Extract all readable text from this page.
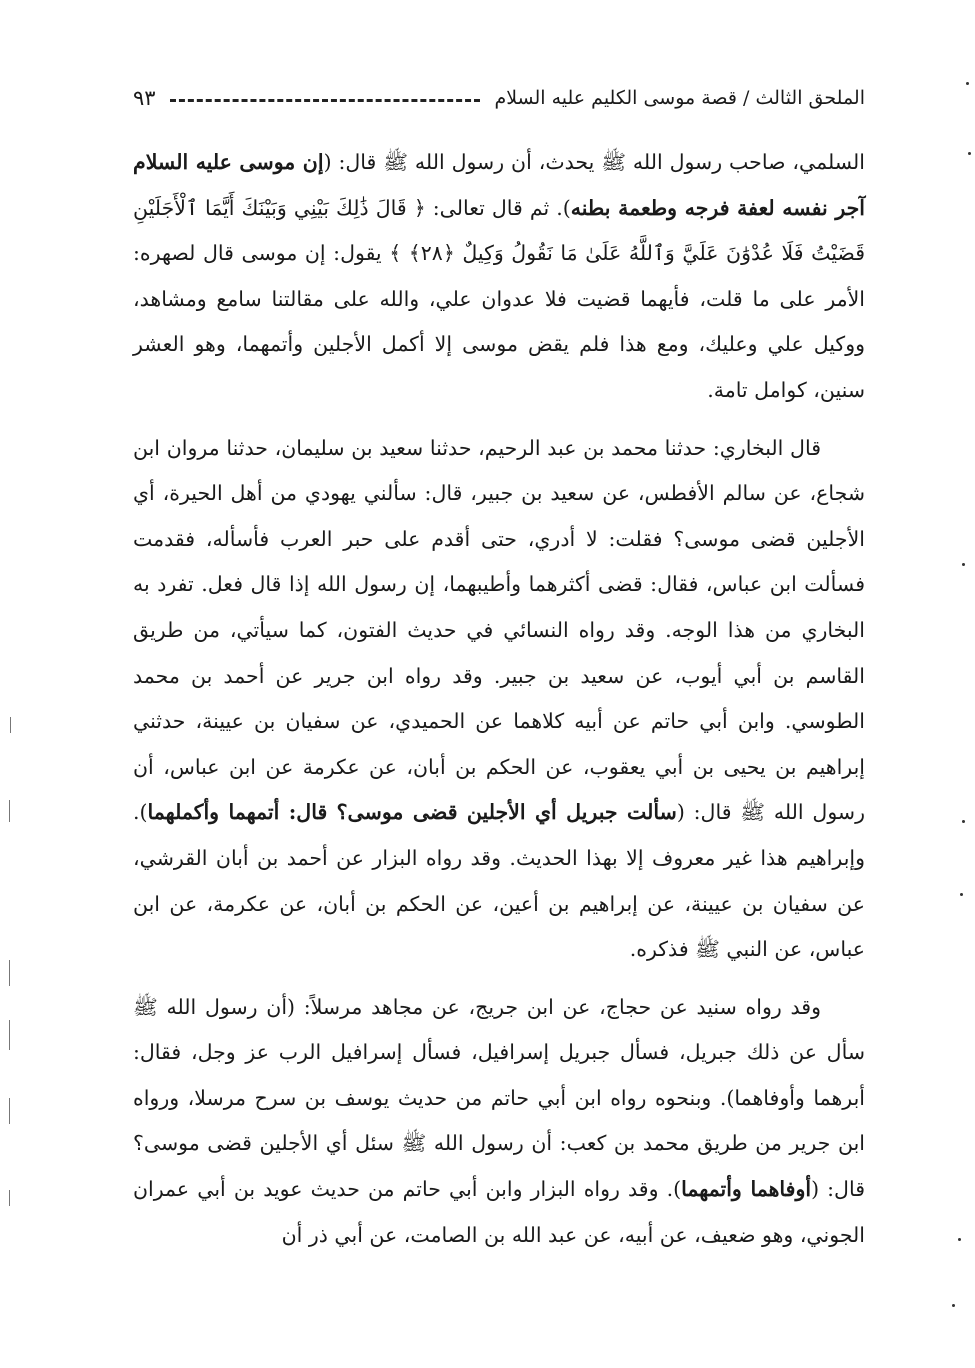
الملحق الثالث / قصة موسى الكليم عليه السلام
٩٣

السلمي، صاحب رسول الله ﷺ يحدث، أن رسول الله ﷺ قال: (إن موسى عليه السلام آجر نفسه لعفة فرجه وطعمة بطنه). ثم قال تعالى: ﴿ قَالَ ذَٰلِكَ بَيْنِي وَبَيْنَكَ أَيَّمَا ٱلْأَجَلَيْنِ قَضَيْتُ فَلَا عُدْوَٰنَ عَلَيَّ وَٱللَّهُ عَلَىٰ مَا نَقُولُ وَكِيلٌ ﴿٢٨﴾ ﴾ يقول: إن موسى قال لصهره: الأمر على ما قلت، فأيهما قضيت فلا عدوان علي، والله على مقالتنا سامع ومشاهد، ووكيل علي وعليك، ومع هذا فلم يقض موسى إلا أكمل الأجلين وأتمهما، وهو العشر سنين، كوامل تامة.

قال البخاري: حدثنا محمد بن عبد الرحيم، حدثنا سعيد بن سليمان، حدثنا مروان ابن شجاع، عن سالم الأفطس، عن سعيد بن جبير، قال: سألني يهودي من أهل الحيرة، أي الأجلين قضى موسى؟ فقلت: لا أدري، حتى أقدم على حبر العرب فأسأله، فقدمت فسألت ابن عباس، فقال: قضى أكثرهما وأطيبهما، إن رسول الله إذا قال فعل. تفرد به البخاري من هذا الوجه. وقد رواه النسائي في حديث الفتون، كما سيأتي، من طريق القاسم بن أبي أيوب، عن سعيد بن جبير. وقد رواه ابن جرير عن أحمد بن محمد الطوسي. وابن أبي حاتم عن أبيه كلاهما عن الحميدي، عن سفيان بن عيينة، حدثني إبراهيم بن يحيى بن أبي يعقوب، عن الحكم بن أبان، عن عكرمة عن ابن عباس، أن رسول الله ﷺ قال: (سألت جبريل أي الأجلين قضى موسى؟ قال: أتمهما وأكملهما). وإبراهيم هذا غير معروف إلا بهذا الحديث. وقد رواه البزار عن أحمد بن أبان القرشي، عن سفيان بن عيينة، عن إبراهيم بن أعين، عن الحكم بن أبان، عن عكرمة، عن ابن عباس، عن النبي ﷺ فذكره.

وقد رواه سنيد عن حجاج، عن ابن جريج، عن مجاهد مرسلاً: (أن رسول الله ﷺ سأل عن ذلك جبريل، فسأل جبريل إسرافيل، فسأل إسرافيل الرب عز وجل، فقال: أبرهما وأوفاهما). وبنحوه رواه ابن أبي حاتم من حديث يوسف بن سرح مرسلا، ورواه ابن جرير من طريق محمد بن كعب: أن رسول الله ﷺ سئل أي الأجلين قضى موسى؟ قال: (أوفاهما وأتمهما). وقد رواه البزار وابن أبي حاتم من حديث عويد بن أبي عمران الجوني، وهو ضعيف، عن أبيه، عن عبد الله بن الصامت، عن أبي ذر أن
